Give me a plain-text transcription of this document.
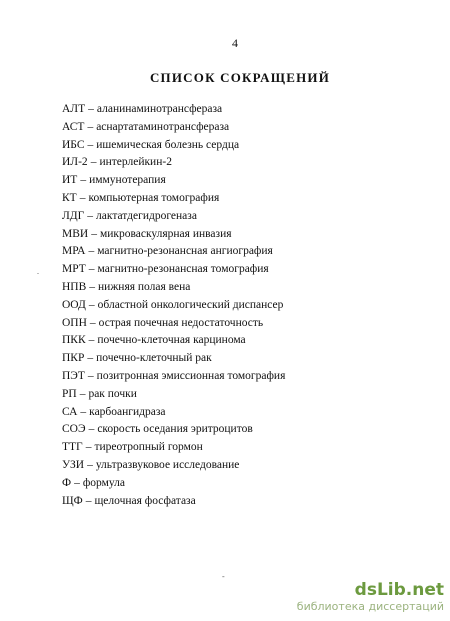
4
СПИСОК СОКРАЩЕНИЙ
АЛТ – аланинаминотрансфераза
АСТ – аснартатаминотрансфераза
ИБС – ишемическая болезнь сердца
ИЛ-2 – интерлейкин-2
ИТ – иммунотерапия
КТ – компьютерная томография
ЛДГ – лактатдегидрогеназа
МВИ – микроваскулярная инвазия
МРА – магнитно-резонансная ангиография
МРТ – магнитно-резонансная томография
НПВ – нижняя полая вена
ООД – областной онкологический диспансер
ОПН – острая почечная недостаточность
ПКК – почечно-клеточная карцинома
ПКР – почечно-клеточный рак
ПЭТ – позитронная эмиссионная томография
РП – рак почки
СА – карбоангидраза
СОЭ – скорость оседания эритроцитов
ТТГ – тиреотропный гормон
УЗИ – ультразвуковое исследование
Ф – формула
ЩФ – щелочная фосфатаза
.
-
dsLib.net
библиотека диссертаций
